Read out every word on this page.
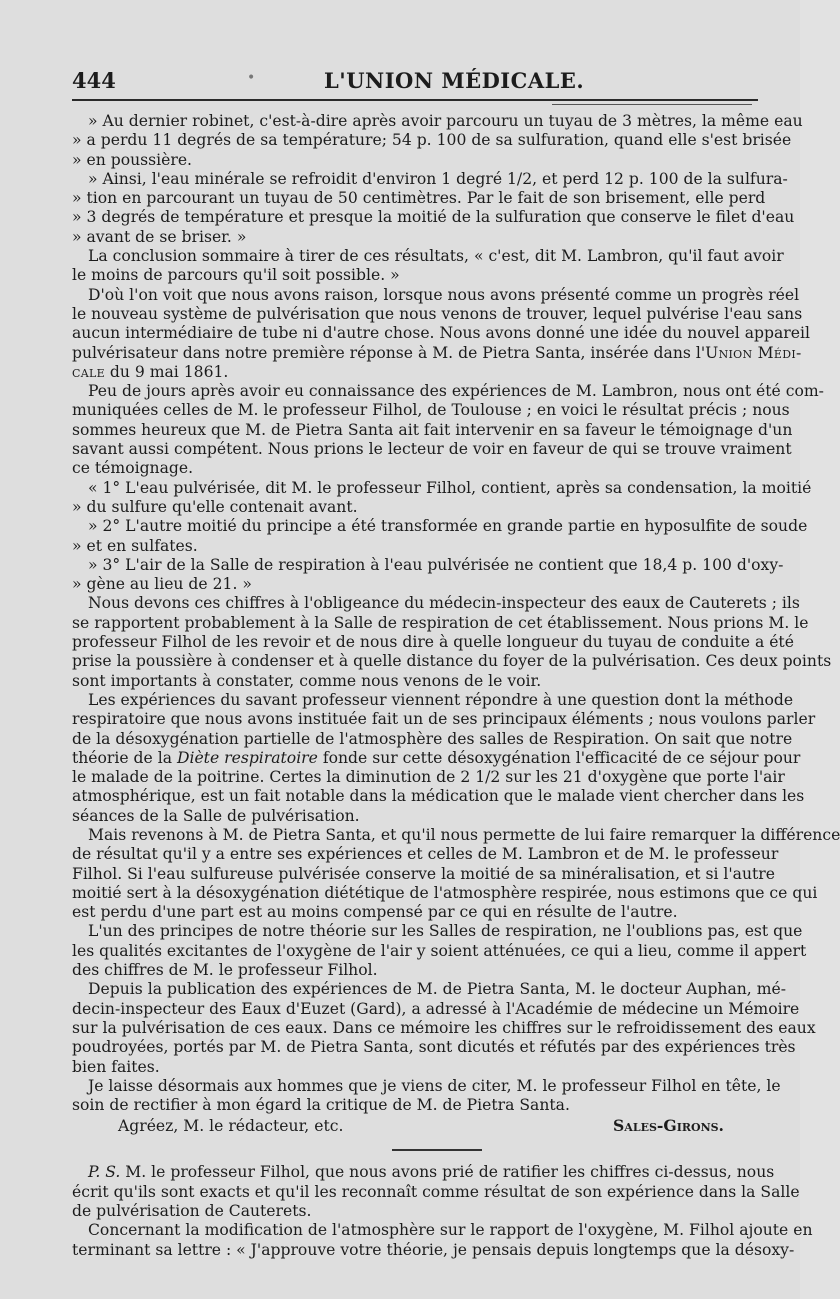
444	•	L'UNION MÉDICALE.
» Au dernier robinet, c'est-à-dire après avoir parcouru un tuyau de 3 mètres, la même eau
» a perdu 11 degrés de sa température; 54 p. 100 de sa sulfuration, quand elle s'est brisée
» en poussière.
» Ainsi, l'eau minérale se refroidit d'environ 1 degré 1/2, et perd 12 p. 100 de la sulfura-
» tion en parcourant un tuyau de 50 centimètres. Par le fait de son brisement, elle perd
» 3 degrés de température et presque la moitié de la sulfuration que conserve le filet d'eau
» avant de se briser. »
La conclusion sommaire à tirer de ces résultats, « c'est, dit M. Lambron, qu'il faut avoir
le moins de parcours qu'il soit possible. »
D'où l'on voit que nous avons raison, lorsque nous avons présenté comme un progrès réel
le nouveau système de pulvérisation que nous venons de trouver, lequel pulvérise l'eau sans
aucun intermédiaire de tube ni d'autre chose. Nous avons donné une idée du nouvel appareil
pulvérisateur dans notre première réponse à M. de Pietra Santa, insérée dans l'Union Médi-
cale du 9 mai 1861.
Peu de jours après avoir eu connaissance des expériences de M. Lambron, nous ont été com-
muniquées celles de M. le professeur Filhol, de Toulouse ; en voici le résultat précis ; nous
sommes heureux que M. de Pietra Santa ait fait intervenir en sa faveur le témoignage d'un
savant aussi compétent. Nous prions le lecteur de voir en faveur de qui se trouve vraiment
ce témoignage.
« 1° L'eau pulvérisée, dit M. le professeur Filhol, contient, après sa condensation, la moitié
» du sulfure qu'elle contenait avant.
» 2° L'autre moitié du principe a été transformée en grande partie en hyposulfite de soude
» et en sulfates.
» 3° L'air de la Salle de respiration à l'eau pulvérisée ne contient que 18,4 p. 100 d'oxy-
» gène au lieu de 21. »
Nous devons ces chiffres à l'obligeance du médecin-inspecteur des eaux de Cauterets ; ils
se rapportent probablement à la Salle de respiration de cet établissement. Nous prions M. le
professeur Filhol de les revoir et de nous dire à quelle longueur du tuyau de conduite a été
prise la poussière à condenser et à quelle distance du foyer de la pulvérisation. Ces deux points
sont importants à constater, comme nous venons de le voir.
Les expériences du savant professeur viennent répondre à une question dont la méthode
respiratoire que nous avons instituée fait un de ses principaux éléments ; nous voulons parler
de la désoxygénation partielle de l'atmosphère des salles de Respiration. On sait que notre
théorie de la Diète respiratoire fonde sur cette désoxygénation l'efficacité de ce séjour pour
le malade de la poitrine. Certes la diminution de 2 1/2 sur les 21 d'oxygène que porte l'air
atmosphérique, est un fait notable dans la médication que le malade vient chercher dans les
séances de la Salle de pulvérisation.
Mais revenons à M. de Pietra Santa, et qu'il nous permette de lui faire remarquer la différence
de résultat qu'il y a entre ses expériences et celles de M. Lambron et de M. le professeur
Filhol. Si l'eau sulfureuse pulvérisée conserve la moitié de sa minéralisation, et si l'autre
moitié sert à la désoxygénation diététique de l'atmosphère respirée, nous estimons que ce qui
est perdu d'une part est au moins compensé par ce qui en résulte de l'autre.
L'un des principes de notre théorie sur les Salles de respiration, ne l'oublions pas, est que
les qualités excitantes de l'oxygène de l'air y soient atténuées, ce qui a lieu, comme il appert
des chiffres de M. le professeur Filhol.
Depuis la publication des expériences de M. de Pietra Santa, M. le docteur Auphan, mé-
decin-inspecteur des Eaux d'Euzet (Gard), a adressé à l'Académie de médecine un Mémoire
sur la pulvérisation de ces eaux. Dans ce mémoire les chiffres sur le refroidissement des eaux
poudroyées, portés par M. de Pietra Santa, sont dicutés et réfutés par des expériences très
bien faites.
Je laisse désormais aux hommes que je viens de citer, M. le professeur Filhol en tête, le
soin de rectifier à mon égard la critique de M. de Pietra Santa.
Agréez, M. le rédacteur, etc.	Sales-Girons.
P. S. M. le professeur Filhol, que nous avons prié de ratifier les chiffres ci-dessus, nous
écrit qu'ils sont exacts et qu'il les reconnaît comme résultat de son expérience dans la Salle
de pulvérisation de Cauterets.
Concernant la modification de l'atmosphère sur le rapport de l'oxygène, M. Filhol ajoute en
terminant sa lettre : « J'approuve votre théorie, je pensais depuis longtemps que la désoxy-
